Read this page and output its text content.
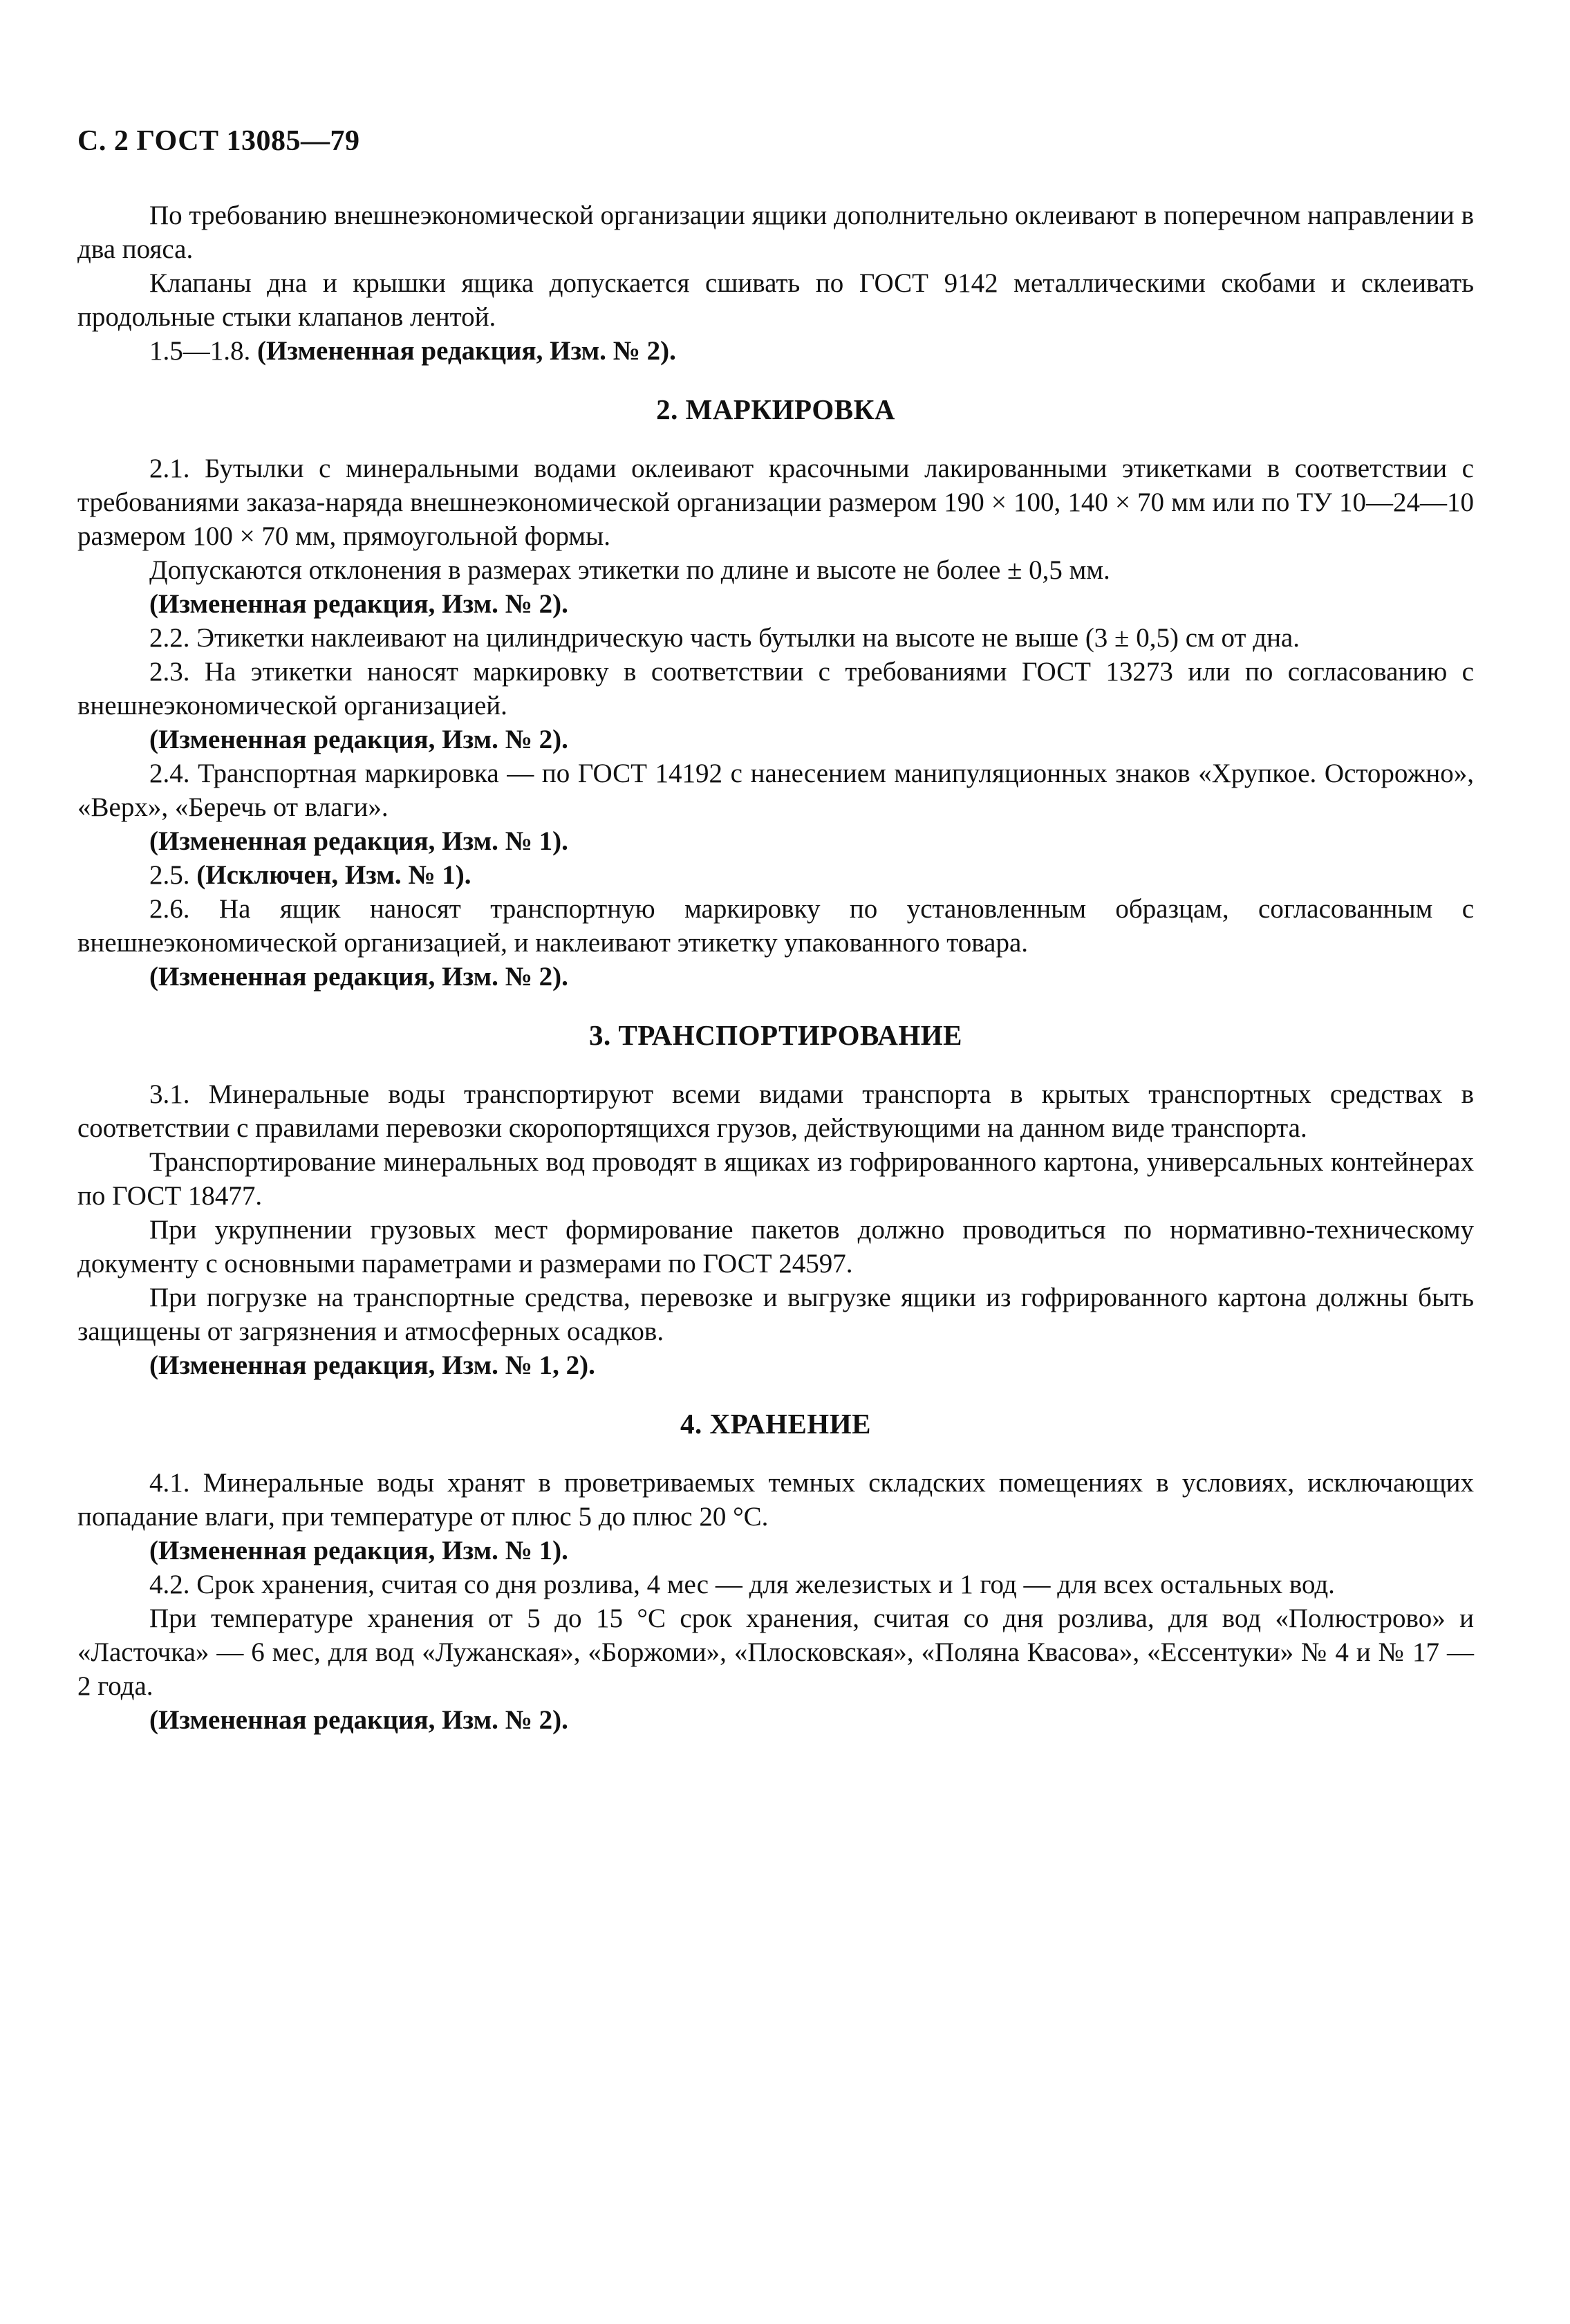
С. 2 ГОСТ 13085—79

По требованию внешнеэкономической организации ящики дополнительно оклеивают в поперечном направлении в два пояса.

Клапаны дна и крышки ящика допускается сшивать по ГОСТ 9142 металлическими скобами и склеивать продольные стыки клапанов лентой.

1.5—1.8. (Измененная редакция, Изм. № 2).

2. МАРКИРОВКА

2.1. Бутылки с минеральными водами оклеивают красочными лакированными этикетками в соответствии с требованиями заказа-наряда внешнеэкономической организации размером 190 × 100, 140 × 70 мм или по ТУ 10—24—10 размером 100 × 70 мм, прямоугольной формы.

Допускаются отклонения в размерах этикетки по длине и высоте не более ± 0,5 мм.

(Измененная редакция, Изм. № 2).

2.2. Этикетки наклеивают на цилиндрическую часть бутылки на высоте не выше (3 ± 0,5) см от дна.

2.3. На этикетки наносят маркировку в соответствии с требованиями ГОСТ 13273 или по согласованию с внешнеэкономической организацией.

(Измененная редакция, Изм. № 2).

2.4. Транспортная маркировка — по ГОСТ 14192 с нанесением манипуляционных знаков «Хрупкое. Осторожно», «Верх», «Беречь от влаги».

(Измененная редакция, Изм. № 1).

2.5. (Исключен, Изм. № 1).

2.6. На ящик наносят транспортную маркировку по установленным образцам, согласованным с внешнеэкономической организацией, и наклеивают этикетку упакованного товара.

(Измененная редакция, Изм. № 2).

3. ТРАНСПОРТИРОВАНИЕ

3.1. Минеральные воды транспортируют всеми видами транспорта в крытых транспортных средствах в соответствии с правилами перевозки скоропортящихся грузов, действующими на данном виде транспорта.

Транспортирование минеральных вод проводят в ящиках из гофрированного картона, универсальных контейнерах по ГОСТ 18477.

При укрупнении грузовых мест формирование пакетов должно проводиться по нормативно-техническому документу с основными параметрами и размерами по ГОСТ 24597.

При погрузке на транспортные средства, перевозке и выгрузке ящики из гофрированного картона должны быть защищены от загрязнения и атмосферных осадков.

(Измененная редакция, Изм. № 1, 2).

4. ХРАНЕНИЕ

4.1. Минеральные воды хранят в проветриваемых темных складских помещениях в условиях, исключающих попадание влаги, при температуре от плюс 5 до плюс 20 °С.

(Измененная редакция, Изм. № 1).

4.2. Срок хранения, считая со дня розлива, 4 мес — для железистых и 1 год — для всех остальных вод.

При температуре хранения от 5 до 15 °С срок хранения, считая со дня розлива, для вод «Полюстрово» и «Ласточка» — 6 мес, для вод «Лужанская», «Боржоми», «Плосковская», «Поляна Квасова», «Ессентуки» № 4 и № 17 — 2 года.

(Измененная редакция, Изм. № 2).
